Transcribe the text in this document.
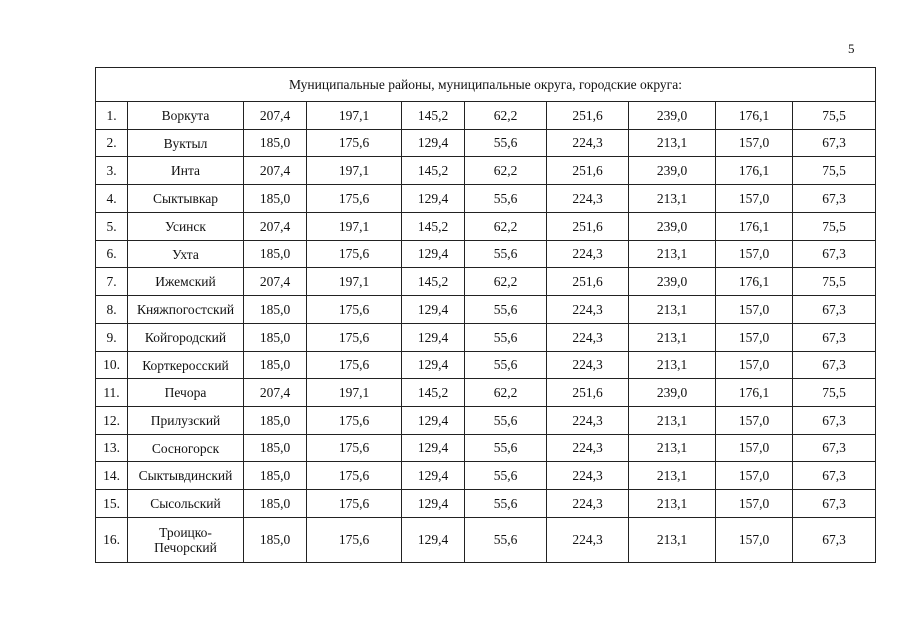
5
Муниципальные районы, муниципальные округа, городские округа:									
1.	Воркута	207,4	197,1	145,2	62,2	251,6	239,0	176,1	75,5
2.	Вуктыл	185,0	175,6	129,4	55,6	224,3	213,1	157,0	67,3
3.	Инта	207,4	197,1	145,2	62,2	251,6	239,0	176,1	75,5
4.	Сыктывкар	185,0	175,6	129,4	55,6	224,3	213,1	157,0	67,3
5.	Усинск	207,4	197,1	145,2	62,2	251,6	239,0	176,1	75,5
6.	Ухта	185,0	175,6	129,4	55,6	224,3	213,1	157,0	67,3
7.	Ижемский	207,4	197,1	145,2	62,2	251,6	239,0	176,1	75,5
8.	Княжпогостский	185,0	175,6	129,4	55,6	224,3	213,1	157,0	67,3
9.	Койгородский	185,0	175,6	129,4	55,6	224,3	213,1	157,0	67,3
10.	Корткеросский	185,0	175,6	129,4	55,6	224,3	213,1	157,0	67,3
11.	Печора	207,4	197,1	145,2	62,2	251,6	239,0	176,1	75,5
12.	Прилузский	185,0	175,6	129,4	55,6	224,3	213,1	157,0	67,3
13.	Сосногорск	185,0	175,6	129,4	55,6	224,3	213,1	157,0	67,3
14.	Сыктывдинский	185,0	175,6	129,4	55,6	224,3	213,1	157,0	67,3
15.	Сысольский	185,0	175,6	129,4	55,6	224,3	213,1	157,0	67,3
16.	Троицко-Печорский	185,0	175,6	129,4	55,6	224,3	213,1	157,0	67,3
